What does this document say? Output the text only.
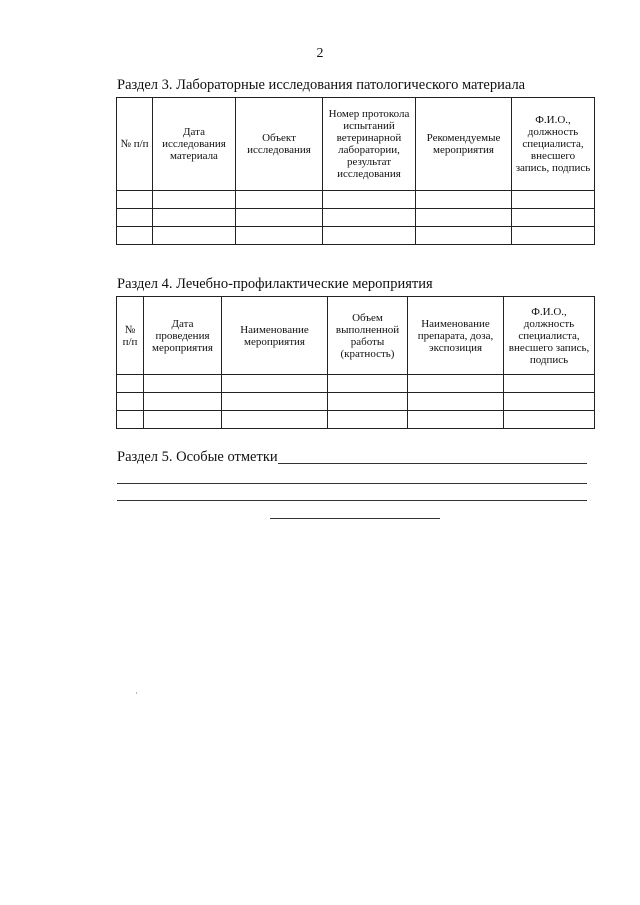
2
Раздел 3. Лабораторные исследования патологического материала
№ п/п	Дата исследования материала	Объект исследования	Номер протокола испытаний ветеринарной лаборатории, результат исследования	Рекомендуемые мероприятия	Ф.И.О., должность специалиста, внесшего запись, подпись

Раздел 4. Лечебно-профилактические мероприятия
№ п/п	Дата проведения мероприятия	Наименование мероприятия	Объем выполненной работы (кратность)	Наименование препарата, доза, экспозиция	Ф.И.О., должность специалиста, внесшего запись, подпись

Раздел 5. Особые отметки
